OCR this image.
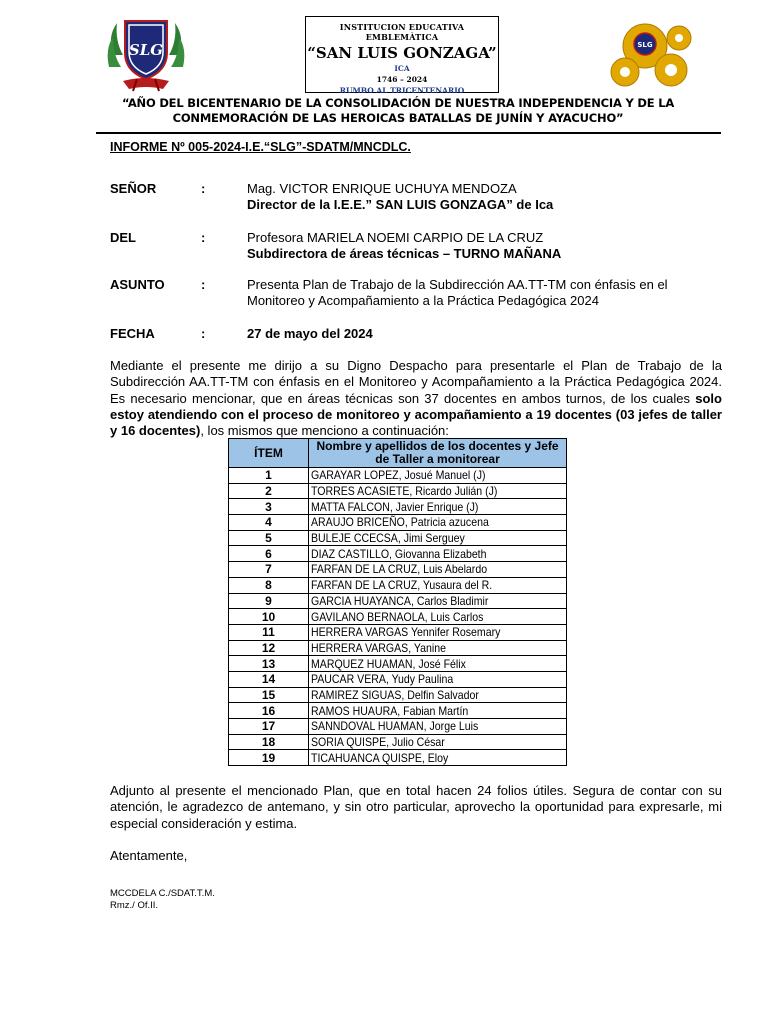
SLG
INSTITUCION EDUCATIVA EMBLEMÀTICA
“SAN LUIS GONZAGA”
ICA
1746 – 2024
RUMBO AL TRICENTENARIO
SLG
“AÑO DEL BICENTENARIO DE LA CONSOLIDACIÓN DE NUESTRA INDEPENDENCIA Y DE LA CONMEMORACIÓN DE LAS HEROICAS BATALLAS DE JUNÍN Y AYACUCHO”
INFORME Nº 005-2024-I.E.“SLG”-SDATM/MNCDLC.
SEÑOR	:	Mag. VICTOR ENRIQUE UCHUYA MENDOZA
Director de la I.E.E.” SAN LUIS GONZAGA” de Ica
DEL	:	Profesora MARIELA NOEMI CARPIO DE LA CRUZ
Subdirectora de áreas técnicas – TURNO MAÑANA
ASUNTO	:	Presenta Plan de Trabajo de la Subdirección AA.TT-TM con énfasis en el Monitoreo y Acompañamiento a la Práctica Pedagógica 2024
FECHA	:	27 de mayo del 2024
Mediante el presente me dirijo a su Digno Despacho para presentarle el Plan de Trabajo de la Subdirección AA.TT-TM con énfasis en el Monitoreo y Acompañamiento a la Práctica Pedagógica 2024. Es necesario mencionar, que en áreas técnicas son 37 docentes en ambos turnos, de los cuales solo estoy atendiendo con el proceso de monitoreo y acompañamiento a 19 docentes (03 jefes de taller y 16 docentes), los mismos que menciono a continuación:
ÍTEM	Nombre y apellidos de los docentes y Jefe de Taller a monitorear
1	GARAYAR LOPEZ, Josué Manuel (J)
2	TORRES ACASIETE, Ricardo Julián (J)
3	MATTA FALCON, Javier Enrique (J)
4	ARAUJO BRICEÑO, Patricia azucena
5	BULEJE CCECSA, Jimi Serguey
6	DIAZ CASTILLO, Giovanna Elizabeth
7	FARFAN DE LA CRUZ, Luis Abelardo
8	FARFAN DE LA CRUZ, Yusaura del R.
9	GARCIA HUAYANCA, Carlos Bladimir
10	GAVILANO BERNAOLA, Luis Carlos
11	HERRERA VARGAS Yennifer Rosemary
12	HERRERA VARGAS, Yanine
13	MARQUEZ HUAMAN, José Félix
14	PAUCAR VERA, Yudy Paulina
15	RAMIREZ SIGUAS, Delfin Salvador
16	RAMOS HUAURA, Fabian Martín
17	SANNDOVAL HUAMAN, Jorge Luis
18	SORIA QUISPE, Julio César
19	TICAHUANCA QUISPE, Eloy
Adjunto al presente el mencionado Plan, que en total hacen 24 folios útiles. Segura de contar con su atención, le agradezco de antemano, y sin otro particular, aprovecho la oportunidad para expresarle, mi especial consideración y estima.
Atentamente,
MCCDELA C./SDAT.T.M.
Rmz./ Of.II.
